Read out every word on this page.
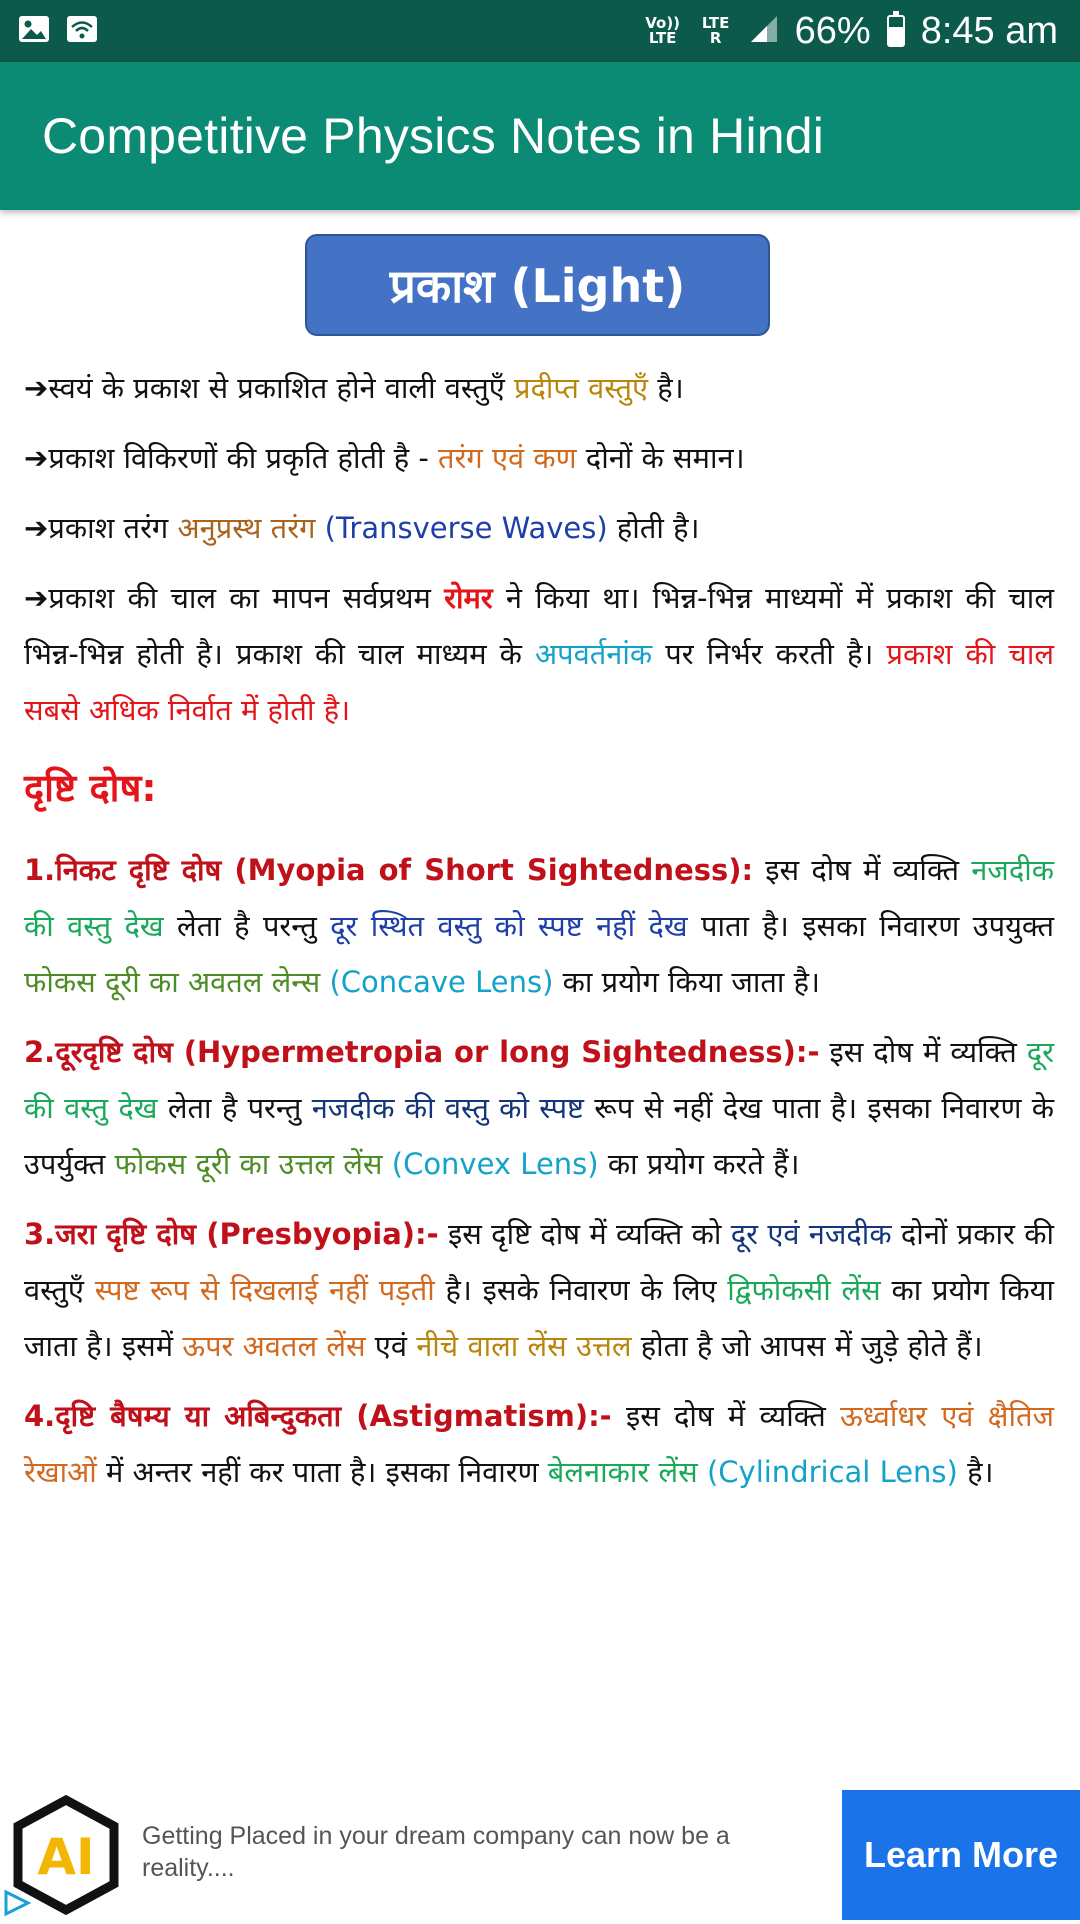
Vo)) LTE
LTE R 66% 8:45 am
Competitive Physics Notes in Hindi
प्रकाश (Light)

➔स्वयं के प्रकाश से प्रकाशित होने वाली वस्तुएँ प्रदीप्त वस्तुएँ है।

➔प्रकाश विकिरणों की प्रकृति होती है - तरंग एवं कण दोनों के समान।

➔प्रकाश तरंग अनुप्रस्थ तरंग (Transverse Waves) होती है।

➔प्रकाश की चाल का मापन सर्वप्रथम रोमर ने किया था। भिन्न-भिन्न माध्यमों में प्रकाश की चाल भिन्न-भिन्न होती है। प्रकाश की चाल माध्यम के अपवर्तनांक पर निर्भर करती है। प्रकाश की चाल सबसे अधिक निर्वात में होती है।

दृष्टि दोष:

1.निकट दृष्टि दोष (Myopia of Short Sightedness): इस दोष में व्यक्ति नजदीक की वस्तु देख लेता है परन्तु दूर स्थित वस्तु को स्पष्ट नहीं देख पाता है। इसका निवारण उपयुक्त फोकस दूरी का अवतल लेन्स (Concave Lens) का प्रयोग किया जाता है।

2.दूरदृष्टि दोष (Hypermetropia or long Sightedness):- इस दोष में व्यक्ति दूर की वस्तु देख लेता है परन्तु नजदीक की वस्तु को स्पष्ट रूप से नहीं देख पाता है। इसका निवारण के उपर्युक्त फोकस दूरी का उत्तल लेंस (Convex Lens) का प्रयोग करते हैं।

3.जरा दृष्टि दोष (Presbyopia):- इस दृष्टि दोष में व्यक्ति को दूर एवं नजदीक दोनों प्रकार की वस्तुएँ स्पष्ट रूप से दिखलाई नहीं पड़ती है। इसके निवारण के लिए द्विफोकसी लेंस का प्रयोग किया जाता है। इसमें ऊपर अवतल लेंस एवं नीचे वाला लेंस उत्तल होता है जो आपस में जुड़े होते हैं।

4.दृष्टि बैषम्य या अबिन्दुकता (Astigmatism):- इस दोष में व्यक्ति ऊर्ध्वाधर एवं क्षैतिज रेखाओं में अन्तर नहीं कर पाता है। इसका निवारण बेलनाकार लेंस (Cylindrical Lens) है।

AI Getting Placed in your dream company can now be a reality....	Learn More
